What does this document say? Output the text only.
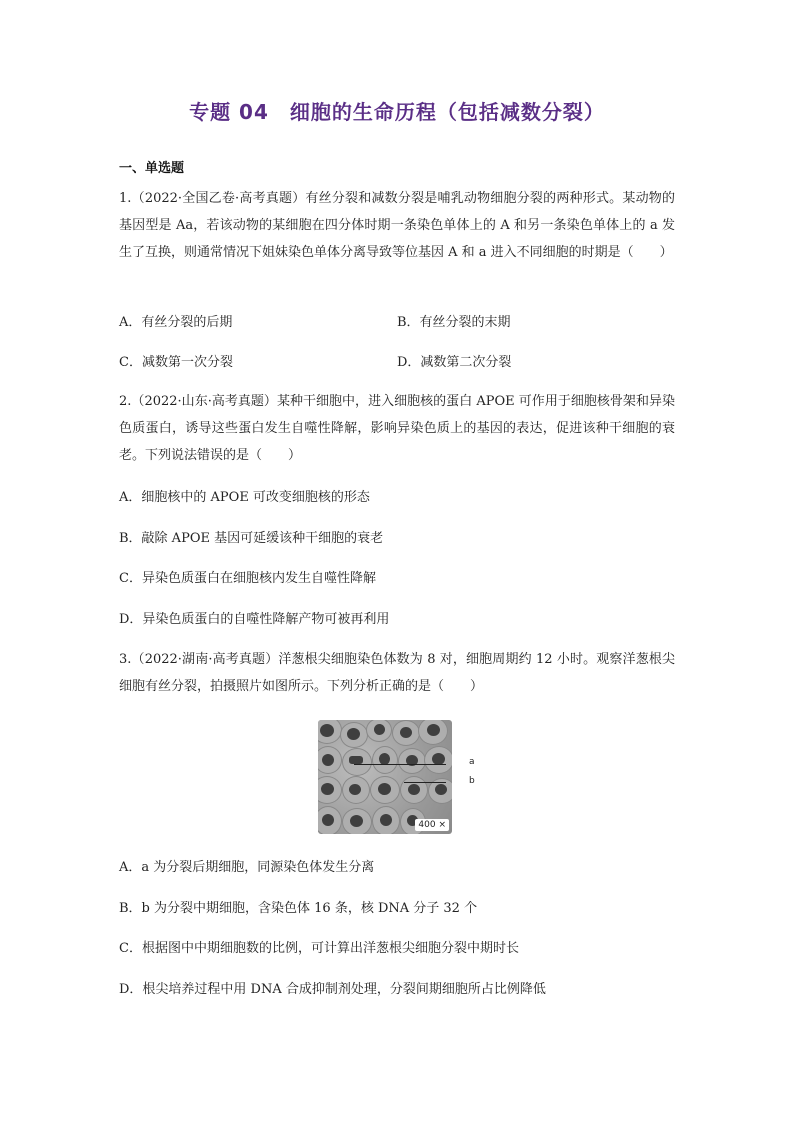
专题 04　细胞的生命历程（包括减数分裂）
一、单选题
1.（2022·全国乙卷·高考真题）有丝分裂和减数分裂是哺乳动物细胞分裂的两种形式。某动物的基因型是 Aa，若该动物的某细胞在四分体时期一条染色单体上的 A 和另一条染色单体上的 a 发生了互换，则通常情况下姐妹染色单体分离导致等位基因 A 和 a 进入不同细胞的时期是（　　）
A．有丝分裂的后期	B．有丝分裂的末期
C．减数第一次分裂	D．减数第二次分裂
2.（2022·山东·高考真题）某种干细胞中，进入细胞核的蛋白 APOE 可作用于细胞核骨架和异染色质蛋白，诱导这些蛋白发生自噬性降解，影响异染色质上的基因的表达，促进该种干细胞的衰老。下列说法错误的是（　　）
A．细胞核中的 APOE 可改变细胞核的形态
B．敲除 APOE 基因可延缓该种干细胞的衰老
C．异染色质蛋白在细胞核内发生自噬性降解
D．异染色质蛋白的自噬性降解产物可被再利用
3.（2022·湖南·高考真题）洋葱根尖细胞染色体数为 8 对，细胞周期约 12 小时。观察洋葱根尖细胞有丝分裂，拍摄照片如图所示。下列分析正确的是（　　）
400 ×
a
b
A．a 为分裂后期细胞，同源染色体发生分离
B．b 为分裂中期细胞，含染色体 16 条，核 DNA 分子 32 个
C．根据图中中期细胞数的比例，可计算出洋葱根尖细胞分裂中期时长
D．根尖培养过程中用 DNA 合成抑制剂处理，分裂间期细胞所占比例降低
